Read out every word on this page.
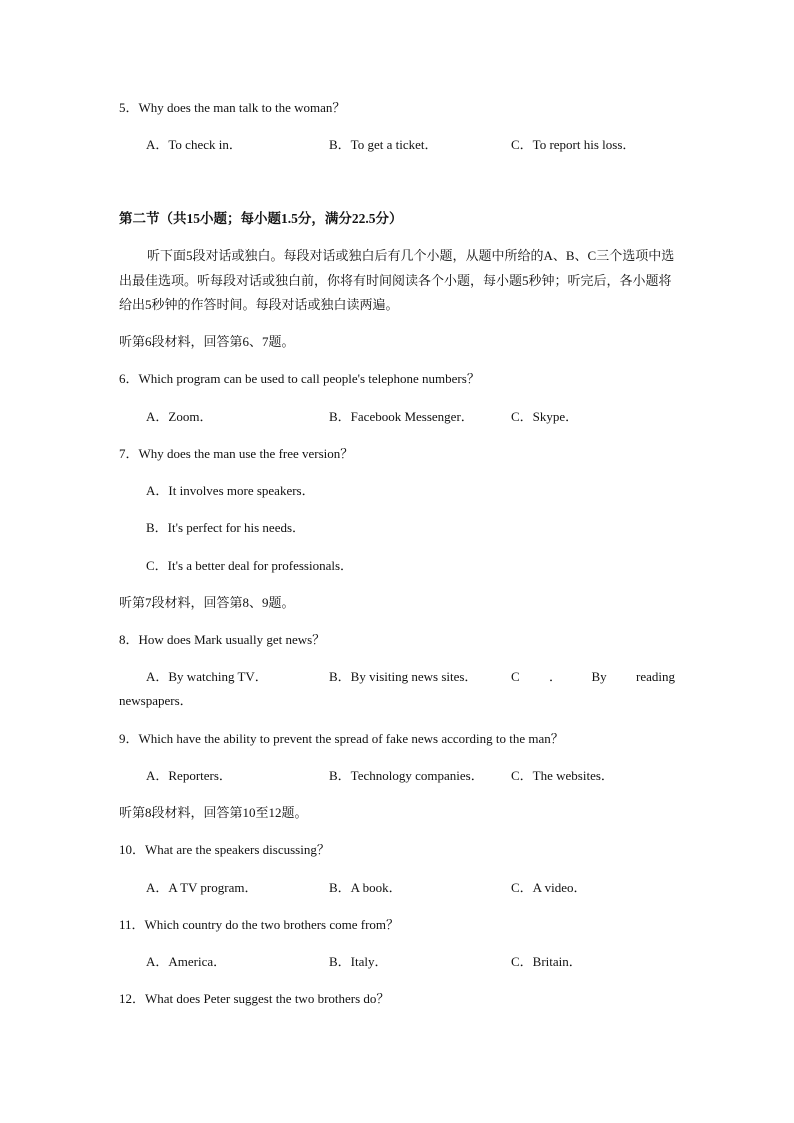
5．Why does the man talk to the woman？
A．To check in．	B．To get a ticket．	C．To report his loss．
第二节（共15小题；每小题1.5分，满分22.5分）
听下面5段对话或独白。每段对话或独白后有几个小题，从题中所给的A、B、C三个选项中选出最佳选项。听每段对话或独白前，你将有时间阅读各个小题，每小题5秒钟；听完后，各小题将给出5秒钟的作答时间。每段对话或独白读两遍。
听第6段材料，回答第6、7题。
6．Which program can be used to call people's telephone numbers？
A．Zoom．	B．Facebook Messenger．	C．Skype．
7．Why does the man use the free version？
A．It involves more speakers．
B．It's perfect for his needs．
C．It's a better deal for professionals．
听第7段材料，回答第8、9题。
8．How does Mark usually get news？
A．By watching TV．	B．By visiting news sites．	C ． By reading
newspapers．
9．Which have the ability to prevent the spread of fake news according to the man？
A．Reporters．	B．Technology companies． C．The websites．
听第8段材料，回答第10至12题。
10．What are the speakers discussing？
A．A TV program．	B．A book．	C．A video．
11．Which country do the two brothers come from？
A．America．	B．Italy．	C．Britain．
12．What does Peter suggest the two brothers do？
